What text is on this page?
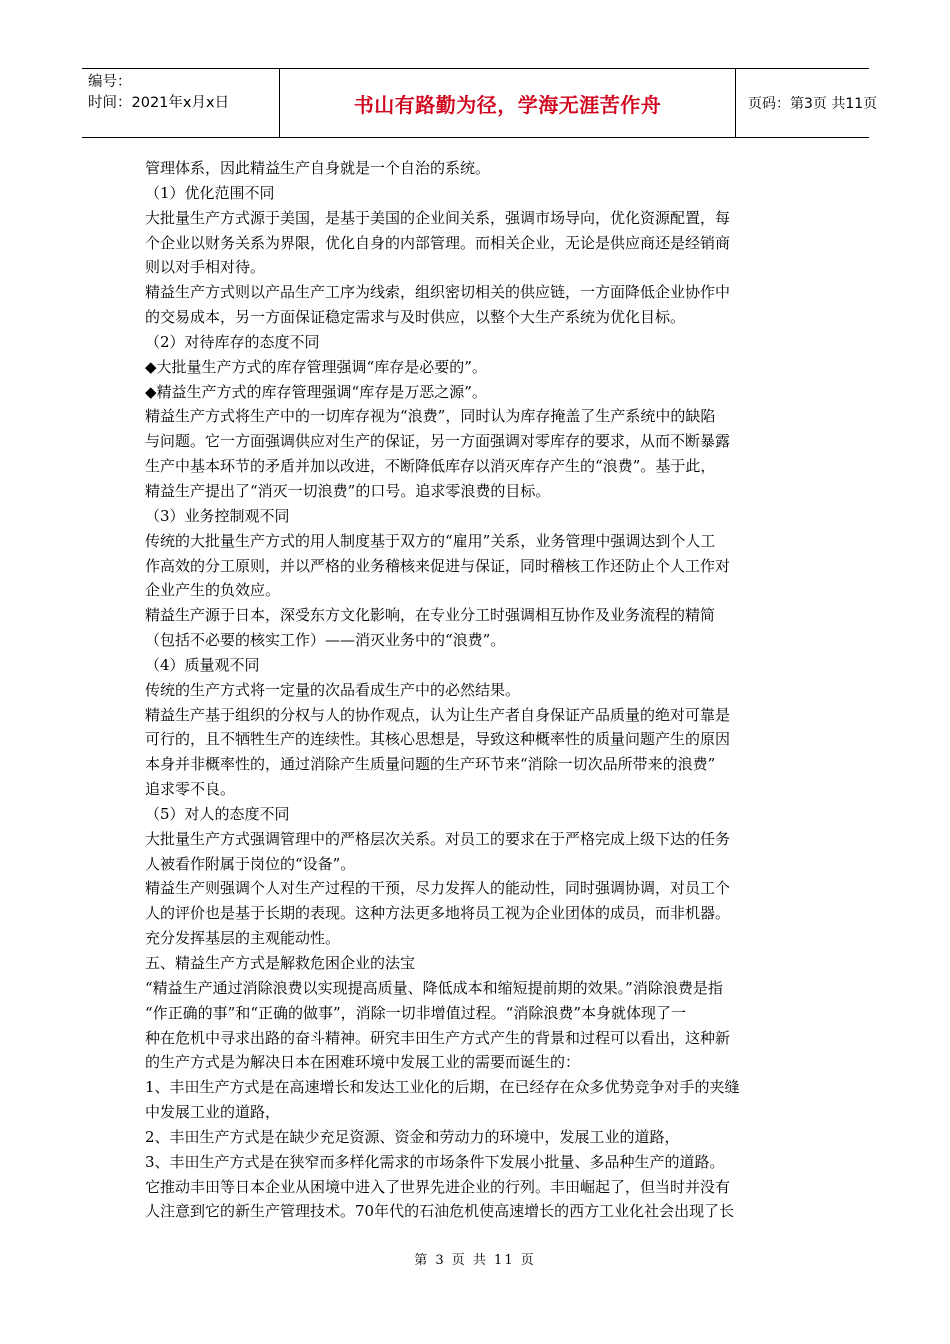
编号：
时间：2021年x月x日	书山有路勤为径，学海无涯苦作舟	页码：第3页 共11页
管理体系，因此精益生产自身就是一个自治的系统。
（1）优化范围不同
大批量生产方式源于美国，是基于美国的企业间关系，强调市场导向，优化资源配置，每
个企业以财务关系为界限，优化自身的内部管理。而相关企业，无论是供应商还是经销商
则以对手相对待。
精益生产方式则以产品生产工序为线索，组织密切相关的供应链，一方面降低企业协作中
的交易成本，另一方面保证稳定需求与及时供应，以整个大生产系统为优化目标。
（2）对待库存的态度不同
◆大批量生产方式的库存管理强调“库存是必要的”。
◆精益生产方式的库存管理强调“库存是万恶之源”。
精益生产方式将生产中的一切库存视为“浪费”，同时认为库存掩盖了生产系统中的缺陷
与问题。它一方面强调供应对生产的保证，另一方面强调对零库存的要求，从而不断暴露
生产中基本环节的矛盾并加以改进，不断降低库存以消灭库存产生的“浪费”。基于此，
精益生产提出了“消灭一切浪费”的口号。追求零浪费的目标。
（3）业务控制观不同
传统的大批量生产方式的用人制度基于双方的“雇用”关系，业务管理中强调达到个人工
作高效的分工原则，并以严格的业务稽核来促进与保证，同时稽核工作还防止个人工作对
企业产生的负效应。
精益生产源于日本，深受东方文化影响，在专业分工时强调相互协作及业务流程的精简
（包括不必要的核实工作）——消灭业务中的“浪费”。
（4）质量观不同
传统的生产方式将一定量的次品看成生产中的必然结果。
精益生产基于组织的分权与人的协作观点，认为让生产者自身保证产品质量的绝对可靠是
可行的，且不牺牲生产的连续性。其核心思想是，导致这种概率性的质量问题产生的原因
本身并非概率性的，通过消除产生质量问题的生产环节来“消除一切次品所带来的浪费”
追求零不良。
（5）对人的态度不同
大批量生产方式强调管理中的严格层次关系。对员工的要求在于严格完成上级下达的任务
人被看作附属于岗位的“设备”。
精益生产则强调个人对生产过程的干预，尽力发挥人的能动性，同时强调协调，对员工个
人的评价也是基于长期的表现。这种方法更多地将员工视为企业团体的成员，而非机器。
充分发挥基层的主观能动性。
五、精益生产方式是解救危困企业的法宝
“精益生产通过消除浪费以实现提高质量、降低成本和缩短提前期的效果。”消除浪费是指
“作正确的事”和“正确的做事”，消除一切非增值过程。“消除浪费”本身就体现了一
种在危机中寻求出路的奋斗精神。研究丰田生产方式产生的背景和过程可以看出，这种新
的生产方式是为解决日本在困难环境中发展工业的需要而诞生的：
1、丰田生产方式是在高速增长和发达工业化的后期，在已经存在众多优势竞争对手的夹缝
中发展工业的道路，
2、丰田生产方式是在缺少充足资源、资金和劳动力的环境中，发展工业的道路，
3、丰田生产方式是在狭窄而多样化需求的市场条件下发展小批量、多品种生产的道路。
它推动丰田等日本企业从困境中进入了世界先进企业的行列。丰田崛起了，但当时并没有
人注意到它的新生产管理技术。70年代的石油危机使高速增长的西方工业化社会出现了长
第 3 页 共 11 页
